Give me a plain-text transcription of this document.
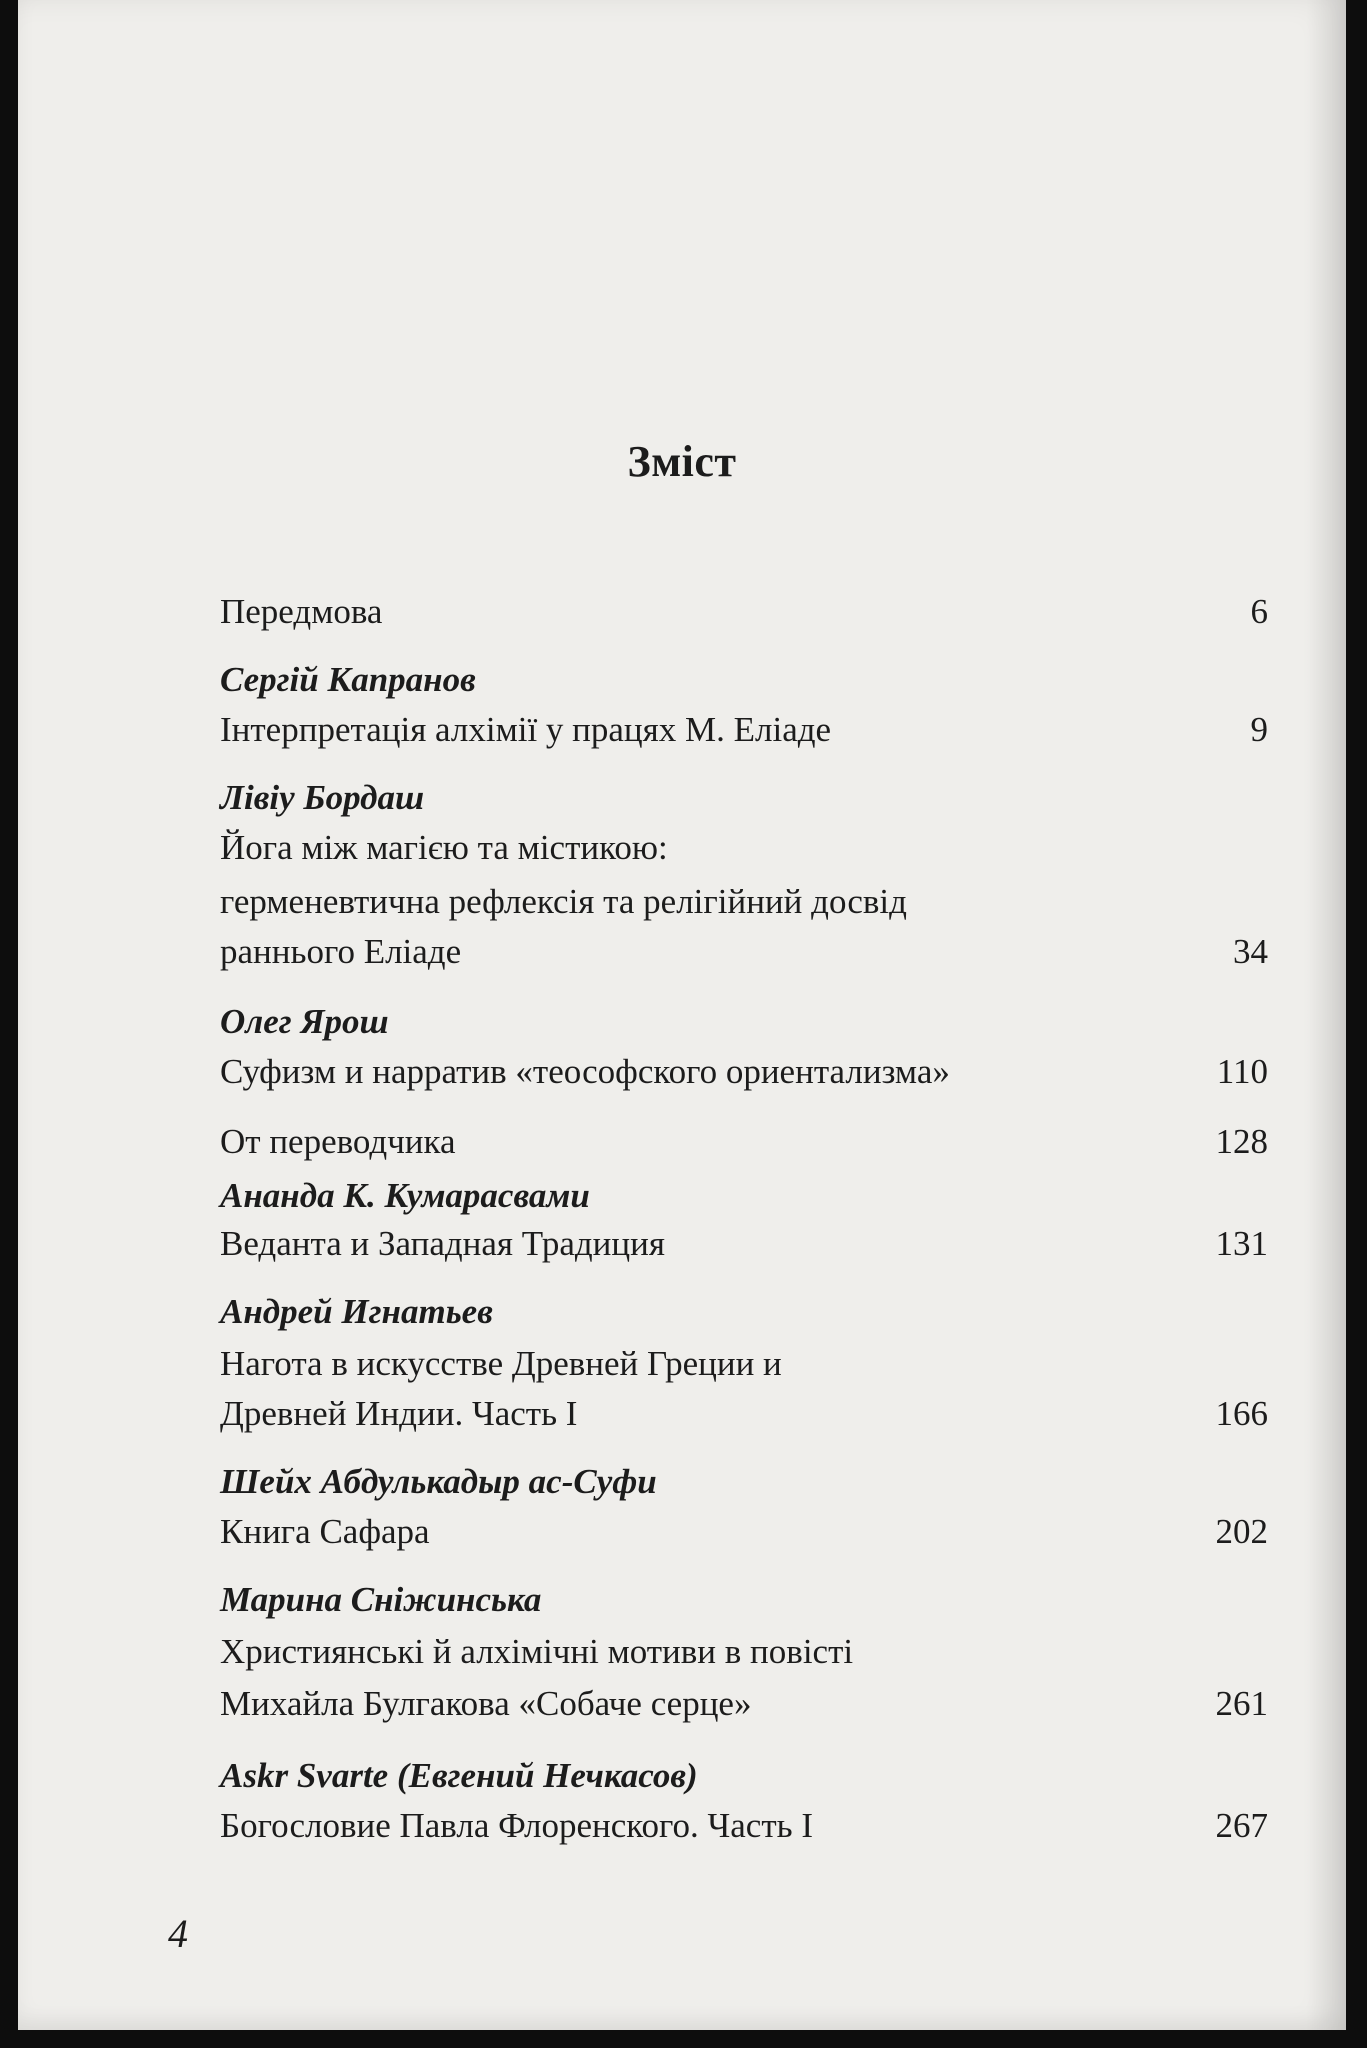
Зміст
Передмова	6
Сергій Капранов
Інтерпретація алхімії у працях М. Еліаде	9
Лівіу Бордаш
Йога між магією та містикою:
герменевтична рефлексія та релігійний досвід
раннього Еліаде	34
Олег Ярош
Суфизм и нарратив «теософского ориентализма»	110
От переводчика	128
Ананда К. Кумарасвами
Веданта и Западная Традиция	131
Андрей Игнатьев
Нагота в искусстве Древней Греции и
Древней Индии. Часть I	166
Шейх Абдулькадыр ас-Суфи
Книга Сафара	202
Марина Сніжинська
Християнські й алхімічні мотиви в повісті
Михайла Булгакова «Собаче серце»	261
Askr Svarte (Евгений Нечкасов)
Богословие Павла Флоренского. Часть I	267
4
